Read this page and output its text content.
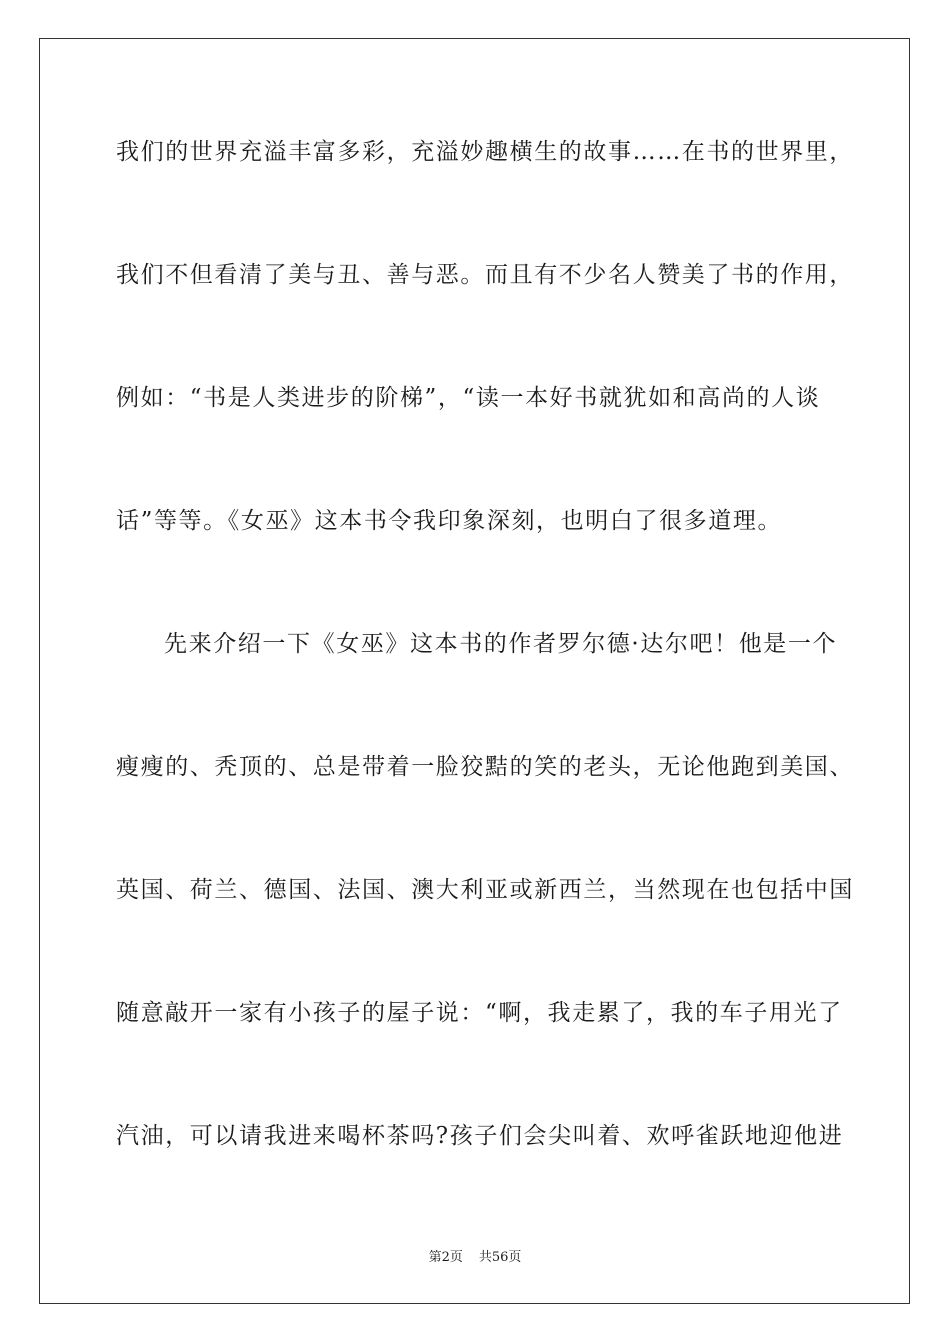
我们的世界充溢丰富多彩，充溢妙趣横生的故事……在书的世界里，
我们不但看清了美与丑、善与恶。而且有不少名人赞美了书的作用，
例如：“书是人类进步的阶梯”，“读一本好书就犹如和高尚的人谈
话”等等。《女巫》这本书令我印象深刻，也明白了很多道理。
先来介绍一下《女巫》这本书的作者罗尔德·达尔吧！他是一个
瘦瘦的、秃顶的、总是带着一脸狡黠的笑的老头，无论他跑到美国、
英国、荷兰、德国、法国、澳大利亚或新西兰，当然现在也包括中国
随意敲开一家有小孩子的屋子说：“啊，我走累了，我的车子用光了
汽油，可以请我进来喝杯茶吗?孩子们会尖叫着、欢呼雀跃地迎他进
第2页 共56页
